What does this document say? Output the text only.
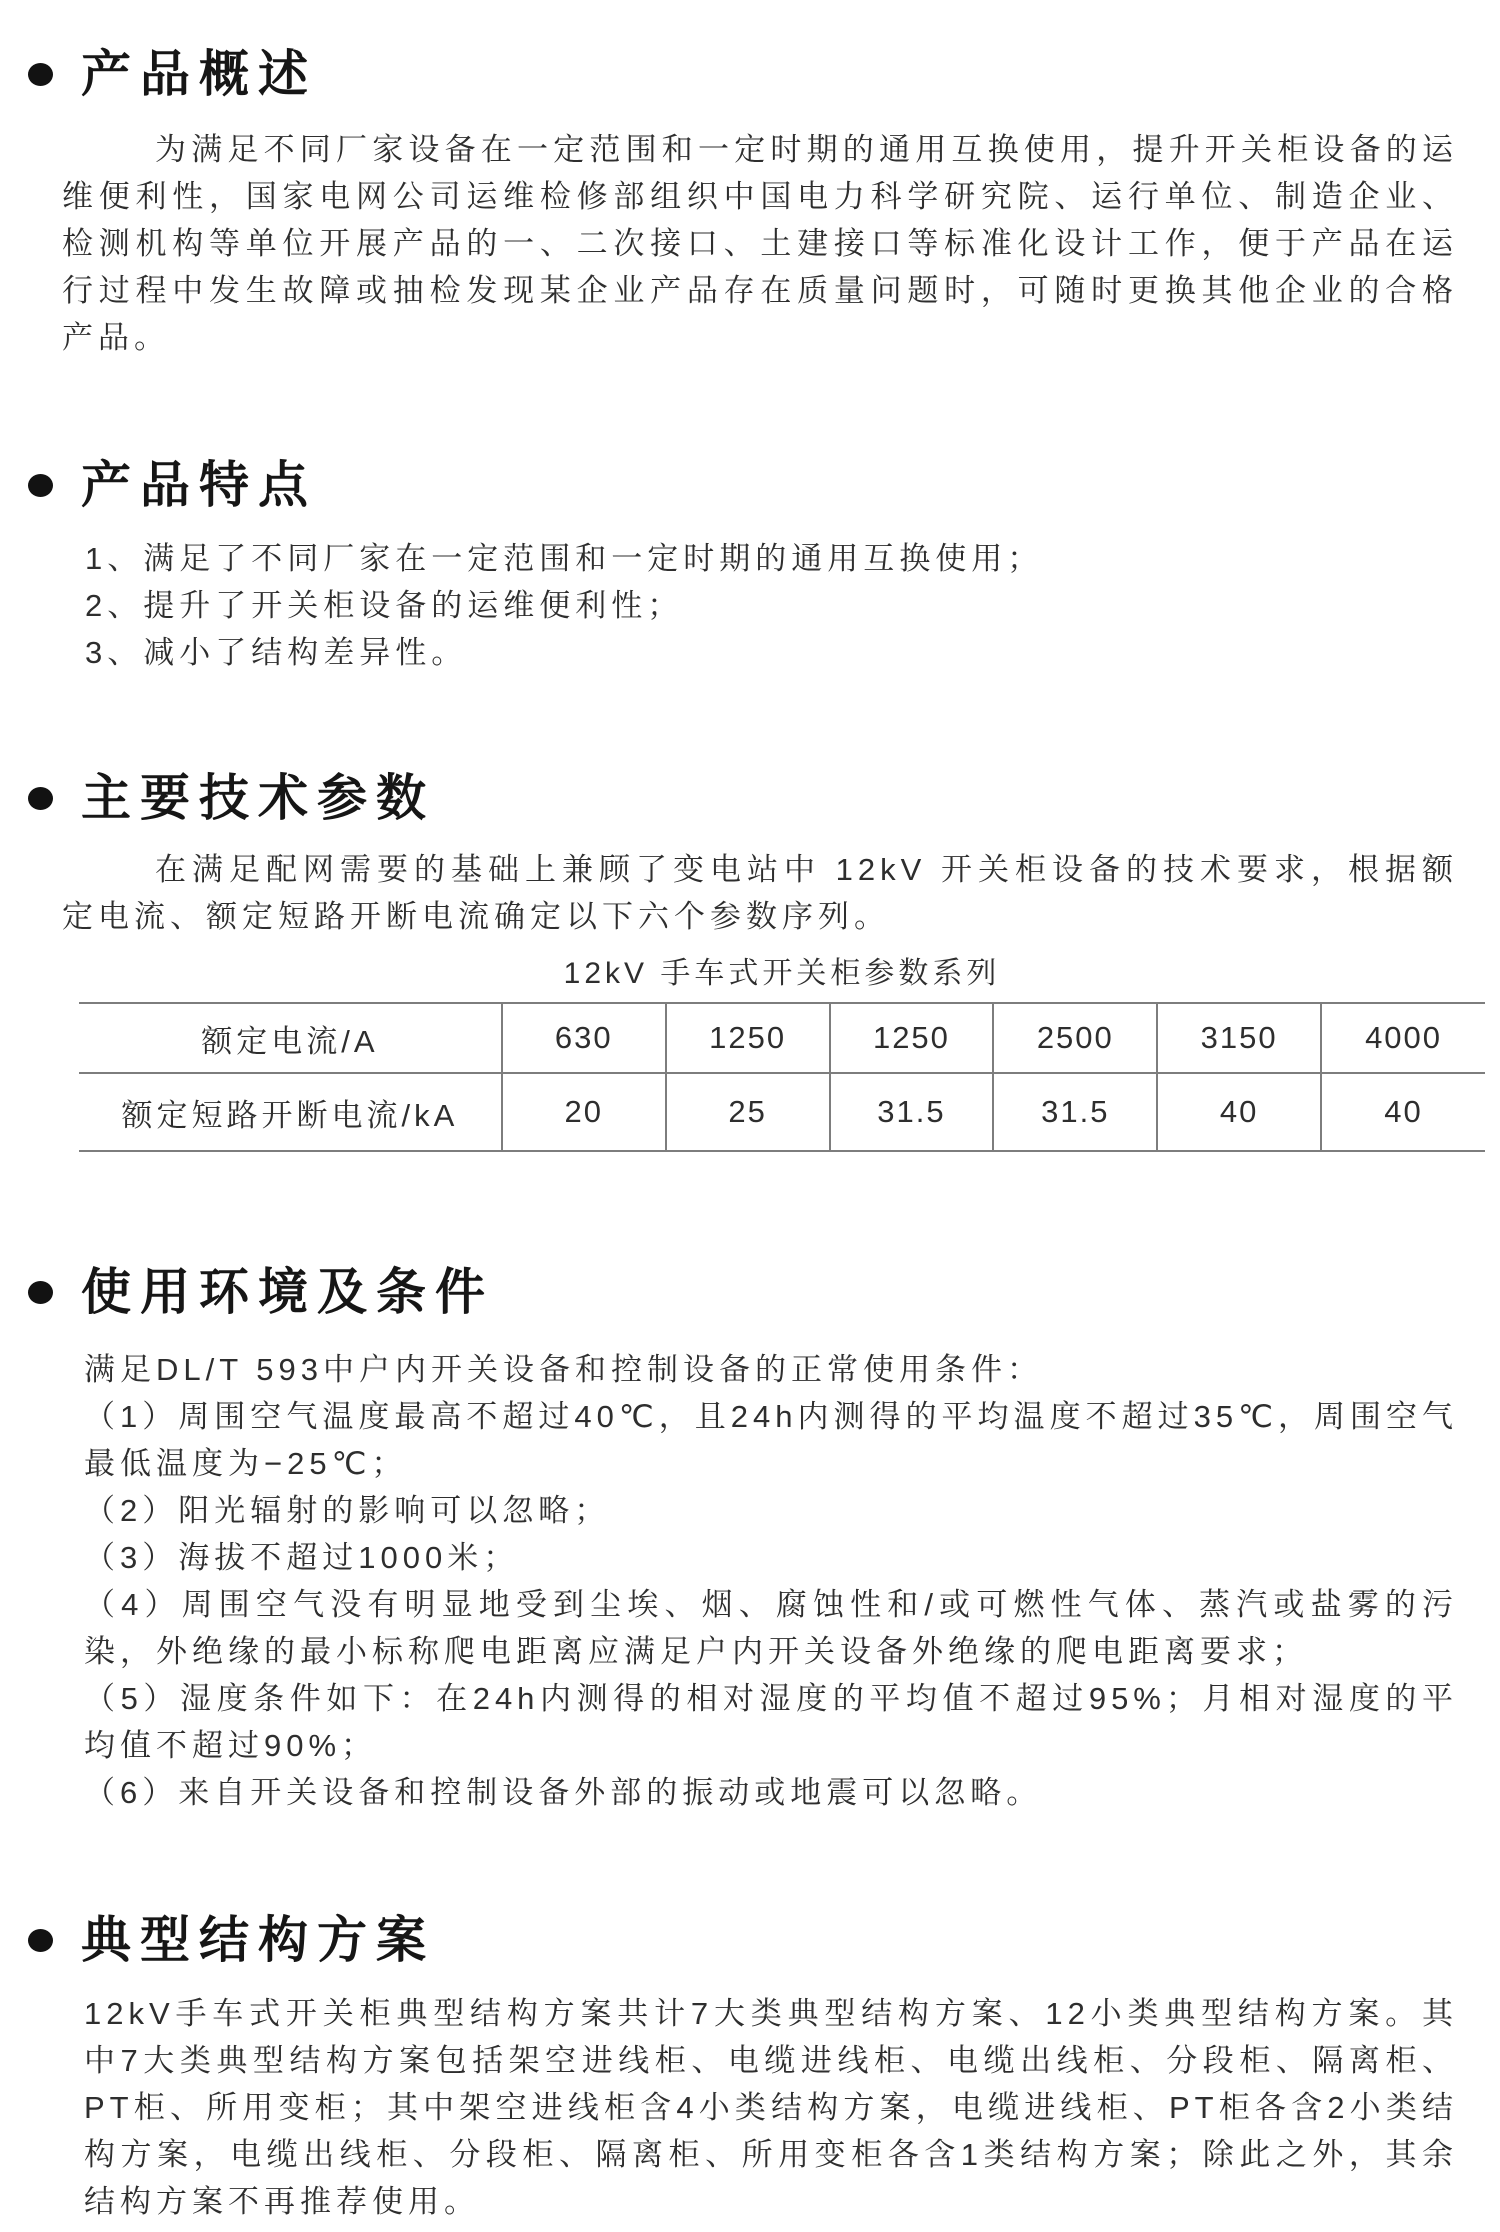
产品概述

为满足不同厂家设备在一定范围和一定时期的通用互换使用，提升开关柜设备的运维便利性，国家电网公司运维检修部组织中国电力科学研究院、运行单位、制造企业、检测机构等单位开展产品的一、二次接口、土建接口等标准化设计工作，便于产品在运行过程中发生故障或抽检发现某企业产品存在质量问题时，可随时更换其他企业的合格产品。

产品特点

1、满足了不同厂家在一定范围和一定时期的通用互换使用；

2、提升了开关柜设备的运维便利性；

3、减小了结构差异性。

主要技术参数

在满足配网需要的基础上兼顾了变电站中 12kV 开关柜设备的技术要求，根据额定电流、额定短路开断电流确定以下六个参数序列。

12kV 手车式开关柜参数系列

额定电流/A	630	1250	1250	2500	3150	4000
额定短路开断电流/kA	20	25	31.5	31.5	40	40
使用环境及条件

满足DL/T 593中户内开关设备和控制设备的正常使用条件：

（1）周围空气温度最高不超过40℃，且24h内测得的平均温度不超过35℃，周围空气最低温度为−25℃；

（2）阳光辐射的影响可以忽略；

（3）海拔不超过1000米；

（4）周围空气没有明显地受到尘埃、烟、腐蚀性和/或可燃性气体、蒸汽或盐雾的污染，外绝缘的最小标称爬电距离应满足户内开关设备外绝缘的爬电距离要求；

（5）湿度条件如下：在24h内测得的相对湿度的平均值不超过95%；月相对湿度的平均值不超过90%；

（6）来自开关设备和控制设备外部的振动或地震可以忽略。

典型结构方案

12kV手车式开关柜典型结构方案共计7大类典型结构方案、12小类典型结构方案。其中7大类典型结构方案包括架空进线柜、电缆进线柜、电缆出线柜、分段柜、隔离柜、PT柜、所用变柜；其中架空进线柜含4小类结构方案，电缆进线柜、PT柜各含2小类结构方案，电缆出线柜、分段柜、隔离柜、所用变柜各含1类结构方案；除此之外，其余结构方案不再推荐使用。
